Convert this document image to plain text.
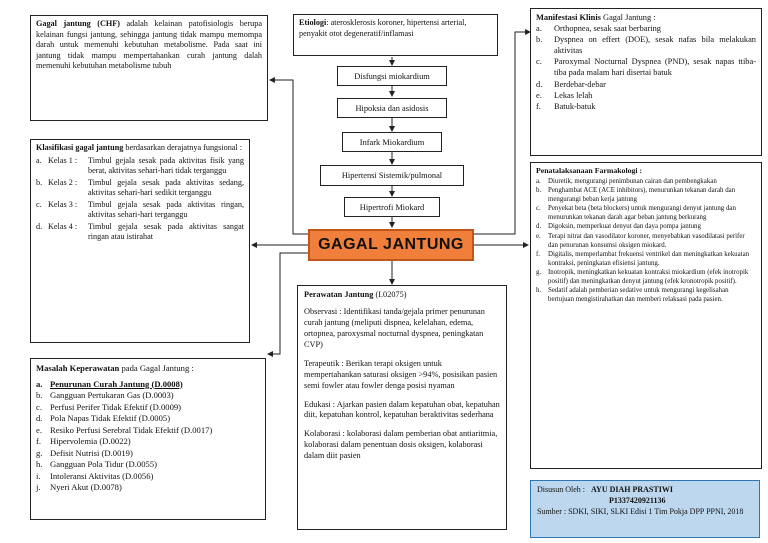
Gagal jantung (CHF) adalah kelainan patofisiologis berupa kelainan fungsi jantung, sehingga jantung tidak mampu memompa darah untuk memenuhi kebutuhan metabolisme. Pada saat ini jantung tidak mampu mempertahankan curah jantung dalah memenuhi kebutuhan metabolisme tubuh
Etiologi: aterosklerosis koroner, hipertensi arterial, penyakit otot degeneratif/inflamasi
Disfungsi miokardium
Hipoksia dan asidosis
Infark Miokardium
Hipertensi Sistemik/pulmonal
Hipertrofi Miokard
GAGAL JANTUNG
Klasifikasi gagal jantung berdasarkan derajatnya fungsional :
a. Kelas 1 :	Timbul gejala sesak pada aktivitas fisik yang berat, aktivitas sehari-hari tidak terganggu
b. Kelas 2 :	Timbul gejala sesak pada aktivitas sedang, aktivitas sehari-hari sedikit terganggu
c. Kelas 3 :	Timbul gejala sesak pada aktivitas ringan, aktivitas sehari-hari terganggu
d. Kelas 4 :	Timbul gejala sesak pada aktivitas sangat ringan atau istirahat
Masalah Keperawatan pada Gagal Jantung :
a. Penurunan Curah Jantung (D.0008)
b. Gangguan Pertukaran Gas (D.0003)
c. Perfusi Perifer Tidak Efektif (D.0009)
d. Pola Napas Tidak Efektif (D.0005)
e. Resiko Perfusi Serebral Tidak Efektif (D.0017)
f.	Hipervolemia (D.0022)
g. Defisit Nutrisi (D.0019)
h. Gangguan Pola Tidur (D.0055)
i.	Intoleransi Aktivitas (D.0056)
j.	Nyeri Akut (D.0078)
Perawatan Jantung (I.02075)
Observasi : Identifikasi tanda/gejala primer penurunan curah jantung (meliputi dispnea, kelelahan, edema, ortopnea, paroxysmal nocturnal dyspnea, peningkatan CVP)
Terapeutik : Berikan terapi oksigen untuk mempertahankan saturasi oksigen >94%, posisikan pasien semi fowler atau fowler denga posisi nyaman
Edukasi : Ajarkan pasien dalam kepatuhan obat, kepatuhan diit, kepatuhan kontrol, kepatuhan beraktivitas sederhana
Kolaborasi : kolaborasi dalam pemberian obat antiaritmia, kolaborasi dalam penentuan dosis oksigen, kolaborasi dalam diit pasien
Manifestasi Klinis Gagal Jantung :
a.	Orthopnea, sesak saat berbaring
b.	Dyspnea on effert (DOE), sesak nafas bila melakukan aktivitas
c.	Paroxymal Nocturnal Dyspnea (PND), sesak napas ttiba-tiba pada malam hari disertai batuk
d.	Berdebar-debar
e.	Lekas lelah
f.	Batuk-batuk
Penatalaksanaan Farmakologi :
a.	Diuretik, mengurangi penimbunan cairan dan pembengkakan
b. Penghambat ACE (ACE inhibitors), menurunkan tekanan darah dan mengurangi beban kerja jantung
c.	Penyekat beta (beta blockers) untuk mengurangi denyut jantung dan menurunkan tekanan darah agar beban jantung berkurang
d. Digoksin, memperkuat denyut dan daya pompa jantung
e.	Terapi nitrat dan vasodilator koroner, menyebabkan vasodilatasi perifer dan penurunan konsumsi oksigen miokard.
f.	Digitalis, memperlambat frekuensi ventrikel dan meningkatkan kekuatan kontraksi, peningkatan efisiensi jantung.
g. Inotropik, meningkatkan kekuatan kontraksi miokardium (efek inotropik positif) dan meningkatkan denyut jantung (efek kronotropik positif).
h. Sedatif adalah pemberian sedative untuk mengurangi kegelisahan bertujuan mengistirahatkan dan memberi relaksasi pada pasien.
Disusun Oleh : AYU DIAH PRASTIWI
P1337420921136
Sumber : SDKI, SIKI, SLKI Edisi 1 Tim Pokja DPP PPNI, 2018
